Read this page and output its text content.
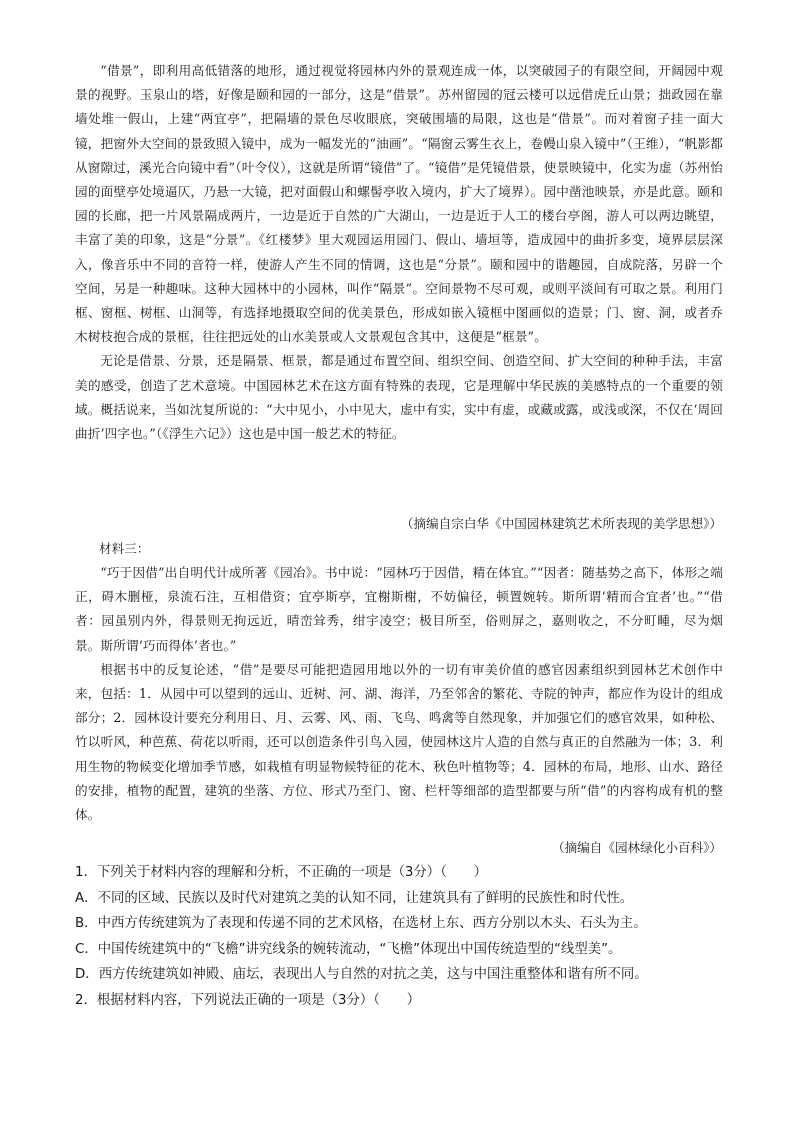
“借景”，即利用高低错落的地形，通过视觉将园林内外的景观连成一体，以突破园子的有限空间，开阔园中观景的视野。玉泉山的塔，好像是颐和园的一部分，这是“借景”。苏州留园的冠云楼可以远借虎丘山景；拙政园在靠墙处堆一假山，上建“两宜亭”，把隔墙的景色尽收眼底，突破围墙的局限，这也是“借景”。而对着窗子挂一面大镜，把窗外大空间的景致照入镜中，成为一幅发光的“油画”。“隔窗云雾生衣上，卷幔山泉入镜中”（王维），“帆影都从窗隙过，溪光合向镜中看”（叶令仪），这就是所谓“镜借”了。“镜借”是凭镜借景，使景映镜中，化实为虚（苏州怡园的面壁亭处境逼仄，乃悬一大镜，把对面假山和螺髻亭收入境内，扩大了境界）。园中凿池映景，亦是此意。颐和园的长廊，把一片风景隔成两片，一边是近于自然的广大湖山，一边是近于人工的楼台亭阁，游人可以两边眺望，丰富了美的印象，这是“分景”。《红楼梦》里大观园运用园门、假山、墙垣等，造成园中的曲折多变，境界层层深入，像音乐中不同的音符一样，使游人产生不同的情调，这也是“分景”。颐和园中的谐趣园，自成院落，另辟一个空间，另是一种趣味。这种大园林中的小园林，叫作“隔景”。空间景物不尽可观，或则平淡间有可取之景。利用门框、窗框、树框、山洞等，有选择地摄取空间的优美景色，形成如嵌入镜框中图画似的造景；门、窗、洞，或者乔木树枝抱合成的景框，往往把远处的山水美景或人文景观包含其中，这便是“框景”。

无论是借景、分景，还是隔景、框景，都是通过布置空间、组织空间、创造空间、扩大空间的种种手法，丰富美的感受，创造了艺术意境。中国园林艺术在这方面有特殊的表现，它是理解中华民族的美感特点的一个重要的领域。概括说来，当如沈复所说的：“大中见小，小中见大，虚中有实，实中有虚，或藏或露，或浅或深，不仅在‘周回曲折’四字也。”（《浮生六记》）这也是中国一般艺术的特征。

（摘编自宗白华《中国园林建筑艺术所表现的美学思想》）
材料三：

“巧于因借”出自明代计成所著《园冶》。书中说：“园林巧于因借，精在体宜。”“因者：随基势之高下，体形之端正，碍木删桠，泉流石注，互相借资；宜亭斯亭，宜榭斯榭，不妨偏径，顿置婉转。斯所谓‘精而合宜者’也。”“借者：园虽别内外，得景则无拘远近，晴峦耸秀，绀宇凌空；极目所至，俗则屏之，嘉则收之，不分町畽，尽为烟景。斯所谓‘巧而得体’者也。”

根据书中的反复论述，“借”是要尽可能把造园用地以外的一切有审美价值的感官因素组织到园林艺术创作中来，包括：1．从园中可以望到的远山、近树、河、湖、海洋，乃至邻舍的繁花、寺院的钟声，都应作为设计的组成部分；2．园林设计要充分利用日、月、云雾、风、雨、飞鸟、鸣禽等自然现象，并加强它们的感官效果，如种松、竹以听风，种芭蕉、荷花以听雨，还可以创造条件引鸟入园，使园林这片人造的自然与真正的自然融为一体；3．利用生物的物候变化增加季节感，如栽植有明显物候特征的花木、秋色叶植物等；4．园林的布局，地形、山水、路径的安排，植物的配置，建筑的坐落、方位、形式乃至门、窗、栏杆等细部的造型都要与所“借”的内容构成有机的整体。

（摘编自《园林绿化小百科》）
1．下列关于材料内容的理解和分析，不正确的一项是（3分）（　　）
A．不同的区域、民族以及时代对建筑之美的认知不同，让建筑具有了鲜明的民族性和时代性。
B．中西方传统建筑为了表现和传递不同的艺术风格，在选材上东、西方分别以木头、石头为主。
C．中国传统建筑中的“飞檐”讲究线条的婉转流动，“飞檐”体现出中国传统造型的“线型美”。
D．西方传统建筑如神殿、庙坛，表现出人与自然的对抗之美，这与中国注重整体和谐有所不同。
2．根据材料内容，下列说法正确的一项是（3分）（　　）
